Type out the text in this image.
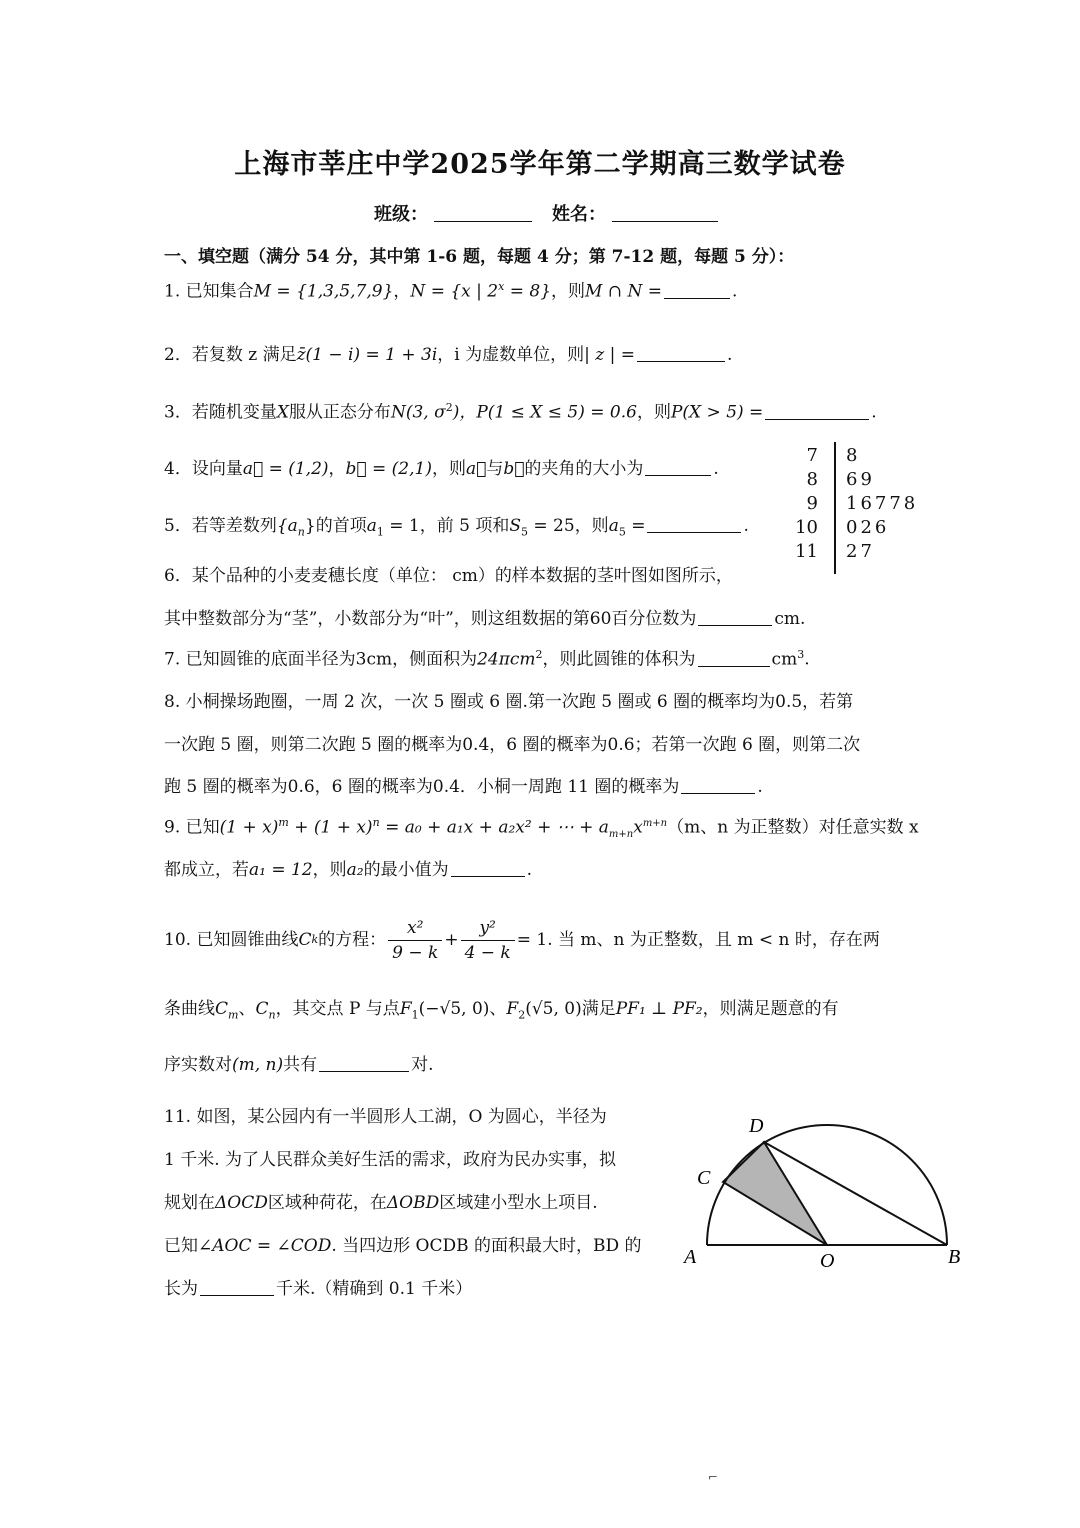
上海市莘庄中学2025学年第二学期高三数学试卷
班级：	姓名：
一、填空题（满分 54 分，其中第 1-6 题，每题 4 分；第 7-12 题，每题 5 分）：
1. 已知集合M = {1,3,5,7,9}，N = {x | $2^x = 8$}，则M ∩ N =	.
2．若复数 z 满足z̄(1 − i) = 1 + 3i，i 为虚数单位，则| z | =	.
3．若随机变量X服从正态分布N(3, $\sigma^2$)，P(1 ≤ X ≤ 5) = 0.6，则P(X > 5) =	.
4．设向量a⃗ = (1,2)，b⃗ = (2,1)，则a⃗与b⃗的夹角的大小为	.
5．若等差数列$\{a_n\}$的首项$a_1 = 1$，前 5 项和$S_5 = 25$，则$a_5$ =	.
7 8
8 69
9 16778
10 026
11 27
6．某个品种的小麦麦穗长度（单位： cm）的样本数据的茎叶图如图所示，
其中整数部分为“茎”，小数部分为“叶”，则这组数据的第60百分位数为	cm.
7. 已知圆锥的底面半径为3cm，侧面积为24πcm$^2$，则此圆锥的体积为	$cm^3$.
8. 小桐操场跑圈，一周 2 次，一次 5 圈或 6 圈.第一次跑 5 圈或 6 圈的概率均为0.5，若第
一次跑 5 圈，则第二次跑 5 圈的概率为0.4，6 圈的概率为0.6；若第一次跑 6 圈，则第二次
跑 5 圈的概率为0.6，6 圈的概率为0.4．小桐一周跑 11 圈的概率为	.
9. 已知$(1 + x)^m + (1 + x)^n = a_0 + a_1x + a_2x^2$ + ⋯ + $a_{m+n}x^{m+n}(m$、n 为正整数）对任意实数 x
都成立，若a₁ = 12，则a₂的最小值为	.
10. 已知圆锥曲线 C k 的方程： $\frac{\text{x²}}{9 - k} + \frac{\text{y²}}{4 - k} = 1$ . 当 m、n 为正整数，且 m < n 时，存在两
条曲线$C_m$、$C_n$，其交点 P 与点$F_1(-√5$, 0)、$F_2(√5$, 0)满足PF₁ ⊥ PF₂，则满足题意的有
序实数对(m, n)共有	对.
11. 如图，某公园内有一半圆形人工湖，O 为圆心，半径为
1 千米. 为了人民群众美好生活的需求，政府为民办实事，拟
规划在ΔOCD区域种荷花，在ΔOBD区域建小型水上项目.
已知∠AOC = ∠COD. 当四边形 OCDB 的面积最大时，BD 的
长为	千米.（精确到 0.1 千米）
A	B
O
C
D
⌐
